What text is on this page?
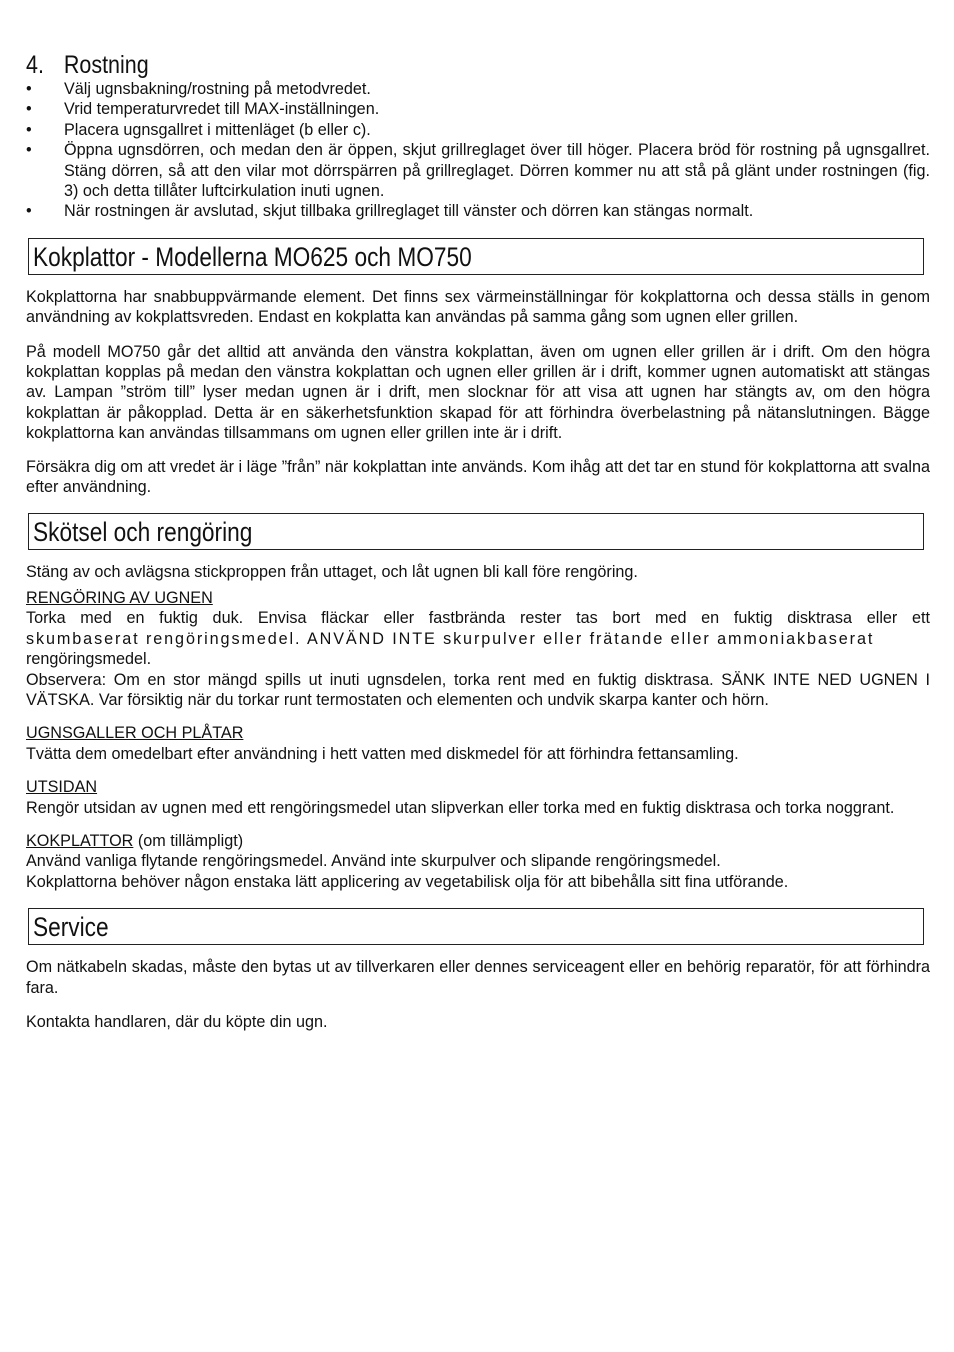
4. Rostning
• Välj ugnsbakning/rostning på metodvredet.
• Vrid temperaturvredet till MAX-inställningen.
• Placera ugnsgallret i mittenläget (b eller c).
• Öppna ugnsdörren, och medan den är öppen, skjut grillreglaget över till höger. Placera bröd för rostning på ugnsgallret. Stäng dörren, så att den vilar mot dörrspärren på grillreglaget. Dörren kommer nu att stå på glänt under rostningen (fig. 3) och detta tillåter luftcirkulation inuti ugnen.
• När rostningen är avslutad, skjut tillbaka grillreglaget till vänster och dörren kan stängas normalt.
Kokplattor - Modellerna MO625 och MO750

Kokplattorna har snabbuppvärmande element. Det finns sex värmeinställningar för kokplattorna och dessa ställs in genom användning av kokplattsvreden. Endast en kokplatta kan användas på samma gång som ugnen eller grillen.

På modell MO750 går det alltid att använda den vänstra kokplattan, även om ugnen eller grillen är i drift. Om den högra kokplattan kopplas på medan den vänstra kokplattan och ugnen eller grillen är i drift, kommer ugnen automatiskt att stängas av. Lampan ”ström till” lyser medan ugnen är i drift, men slocknar för att visa att ugnen har stängts av, om den högra kokplattan är påkopplad. Detta är en säkerhetsfunktion skapad för att förhindra överbelastning på nätanslutningen. Bägge kokplattorna kan användas tillsammans om ugnen eller grillen inte är i drift.

Försäkra dig om att vredet är i läge ”från” när kokplattan inte används. Kom ihåg att det tar en stund för kokplattorna att svalna efter användning.

Skötsel och rengöring

Stäng av och avlägsna stickproppen från uttaget, och låt ugnen bli kall före rengöring.

RENGÖRING AV UGNEN
Torka med en fuktig duk. Envisa fläckar eller fastbrända rester tas bort med en fuktig disktrasa eller ett
skumbaserat rengöringsmedel. ANVÄND INTE skurpulver eller frätande eller ammoniakbaserat
rengöringsmedel.

Observera: Om en stor mängd spills ut inuti ugnsdelen, torka rent med en fuktig disktrasa. SÄNK INTE NED UGNEN I VÄTSKA. Var försiktig när du torkar runt termostaten och elementen och undvik skarpa kanter och hörn.

UGNSGALLER OCH PLÅTAR

Tvätta dem omedelbart efter användning i hett vatten med diskmedel för att förhindra fettansamling.

UTSIDAN

Rengör utsidan av ugnen med ett rengöringsmedel utan slipverkan eller torka med en fuktig disktrasa och torka noggrant.

KOKPLATTOR (om tillämpligt)
Använd vanliga flytande rengöringsmedel. Använd inte skurpulver och slipande rengöringsmedel.
Kokplattorna behöver någon enstaka lätt applicering av vegetabilisk olja för att bibehålla sitt fina utförande.
Service

Om nätkabeln skadas, måste den bytas ut av tillverkaren eller dennes serviceagent eller en behörig reparatör, för att förhindra fara.

Kontakta handlaren, där du köpte din ugn.
